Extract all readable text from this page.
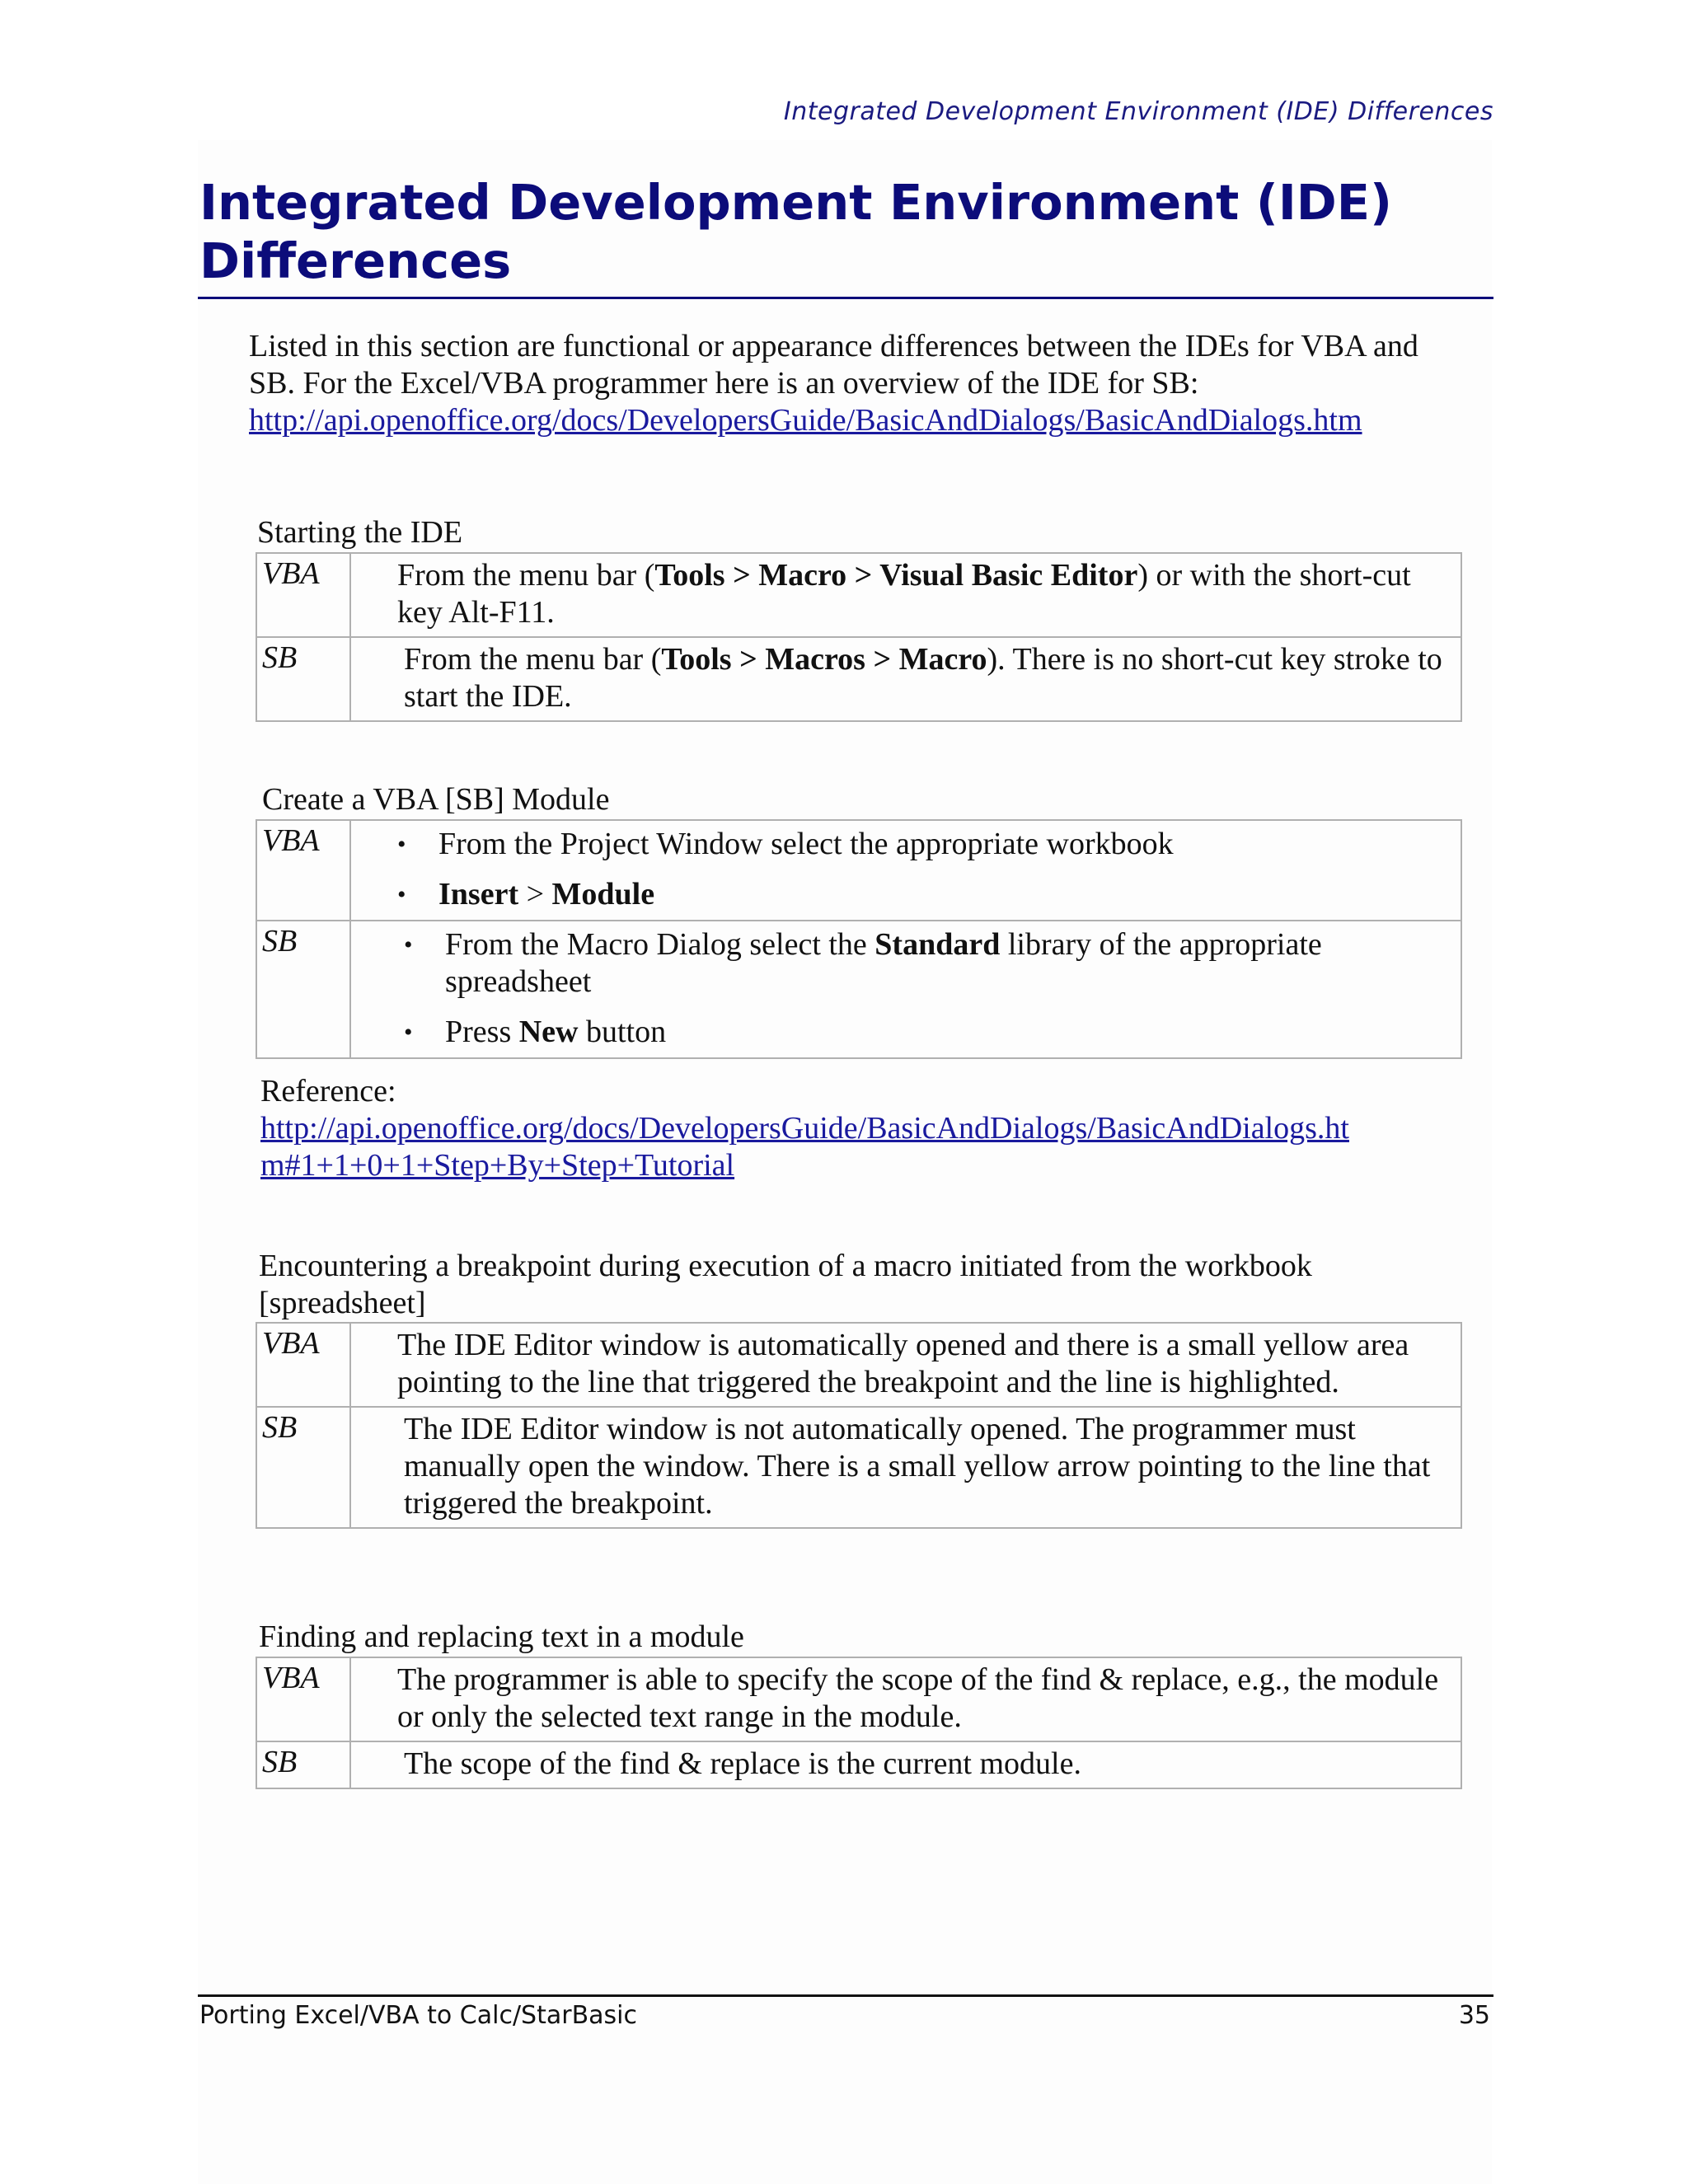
Integrated Development Environment (IDE) Differences
Integrated Development Environment (IDE)
Differences
Listed in this section are functional or appearance differences between the IDEs for VBA and
SB. For the Excel/VBA programmer here is an overview of the IDE for SB:
http://api.openoffice.org/docs/DevelopersGuide/BasicAndDialogs/BasicAndDialogs.htm
Starting the IDE
VBA	From the menu bar (Tools > Macro > Visual Basic Editor) or with the short-cut key Alt-F11.
SB	From the menu bar (Tools > Macros > Macro). There is no short-cut key stroke to start the IDE.
Create a VBA [SB] Module
VBA	• From the Project Window select the appropriate workbook
• Insert > Module

SB	• From the Macro Dialog select the Standard library of the appropriate spreadsheet
• Press New button
Reference:
http://api.openoffice.org/docs/DevelopersGuide/BasicAndDialogs/BasicAndDialogs.ht
m#1+1+0+1+Step+By+Step+Tutorial
Encountering a breakpoint during execution of a macro initiated from the workbook
[spreadsheet]
VBA	The IDE Editor window is automatically opened and there is a small yellow area pointing to the line that triggered the breakpoint and the line is highlighted.
SB	The IDE Editor window is not automatically opened. The programmer must manually open the window. There is a small yellow arrow pointing to the line that triggered the breakpoint.
Finding and replacing text in a module
VBA	The programmer is able to specify the scope of the find & replace, e.g., the module or only the selected text range in the module.
SB	The scope of the find & replace is the current module.
Porting Excel/VBA to Calc/StarBasic	35
